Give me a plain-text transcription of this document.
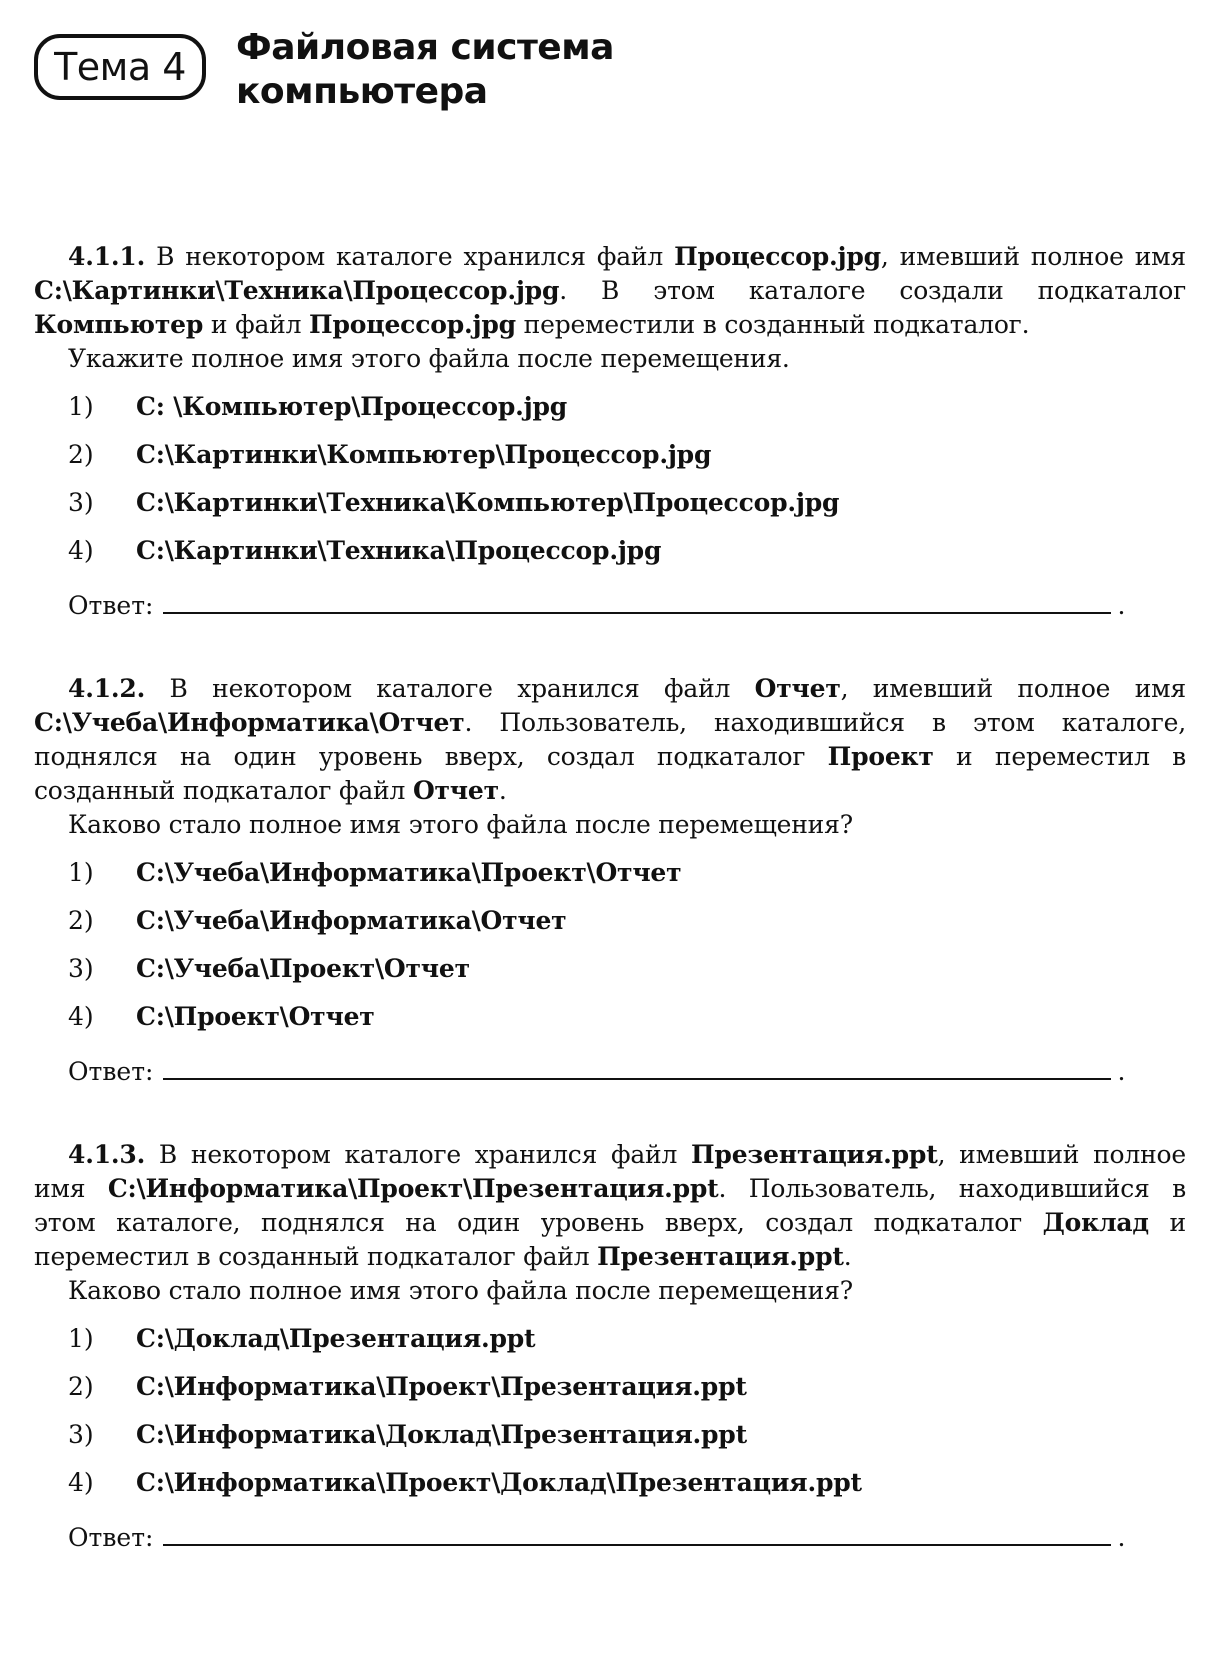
Тема 4 Файловая система
компьютера

4.1.1. В некотором каталоге хранился файл Процессор.jpg, имевший полное имя C:\Картинки\Техника\Процессор.jpg. В этом каталоге создали подкаталог Компьютер и файл Процессор.jpg переместили в созданный подкаталог.

Укажите полное имя этого файла после перемещения.

1)	C: \Компьютер\Процессор.jpg
2)	C:\Картинки\Компьютер\Процессор.jpg
3)	C:\Картинки\Техника\Компьютер\Процессор.jpg
4)	C:\Картинки\Техника\Процессор.jpg
Ответ:	.

4.1.2. В некотором каталоге хранился файл Отчет, имевший полное имя C:\Учеба\Информатика\Отчет. Пользователь, находившийся в этом каталоге, поднялся на один уровень вверх, создал подкаталог Проект и переместил в созданный подкаталог файл Отчет.

Каково стало полное имя этого файла после перемещения?

1)	C:\Учеба\Информатика\Проект\Отчет
2)	C:\Учеба\Информатика\Отчет
3)	C:\Учеба\Проект\Отчет
4)	C:\Проект\Отчет
Ответ:	.

4.1.3. В некотором каталоге хранился файл Презентация.ppt, имевший полное имя C:\Информатика\Проект\Презентация.ppt. Пользователь, находившийся в этом каталоге, поднялся на один уровень вверх, создал подкаталог Доклад и переместил в созданный подкаталог файл Презентация.ppt.

Каково стало полное имя этого файла после перемещения?

1)	C:\Доклад\Презентация.ppt
2)	C:\Информатика\Проект\Презентация.ppt
3)	C:\Информатика\Доклад\Презентация.ppt
4)	C:\Информатика\Проект\Доклад\Презентация.ppt
Ответ:	.
